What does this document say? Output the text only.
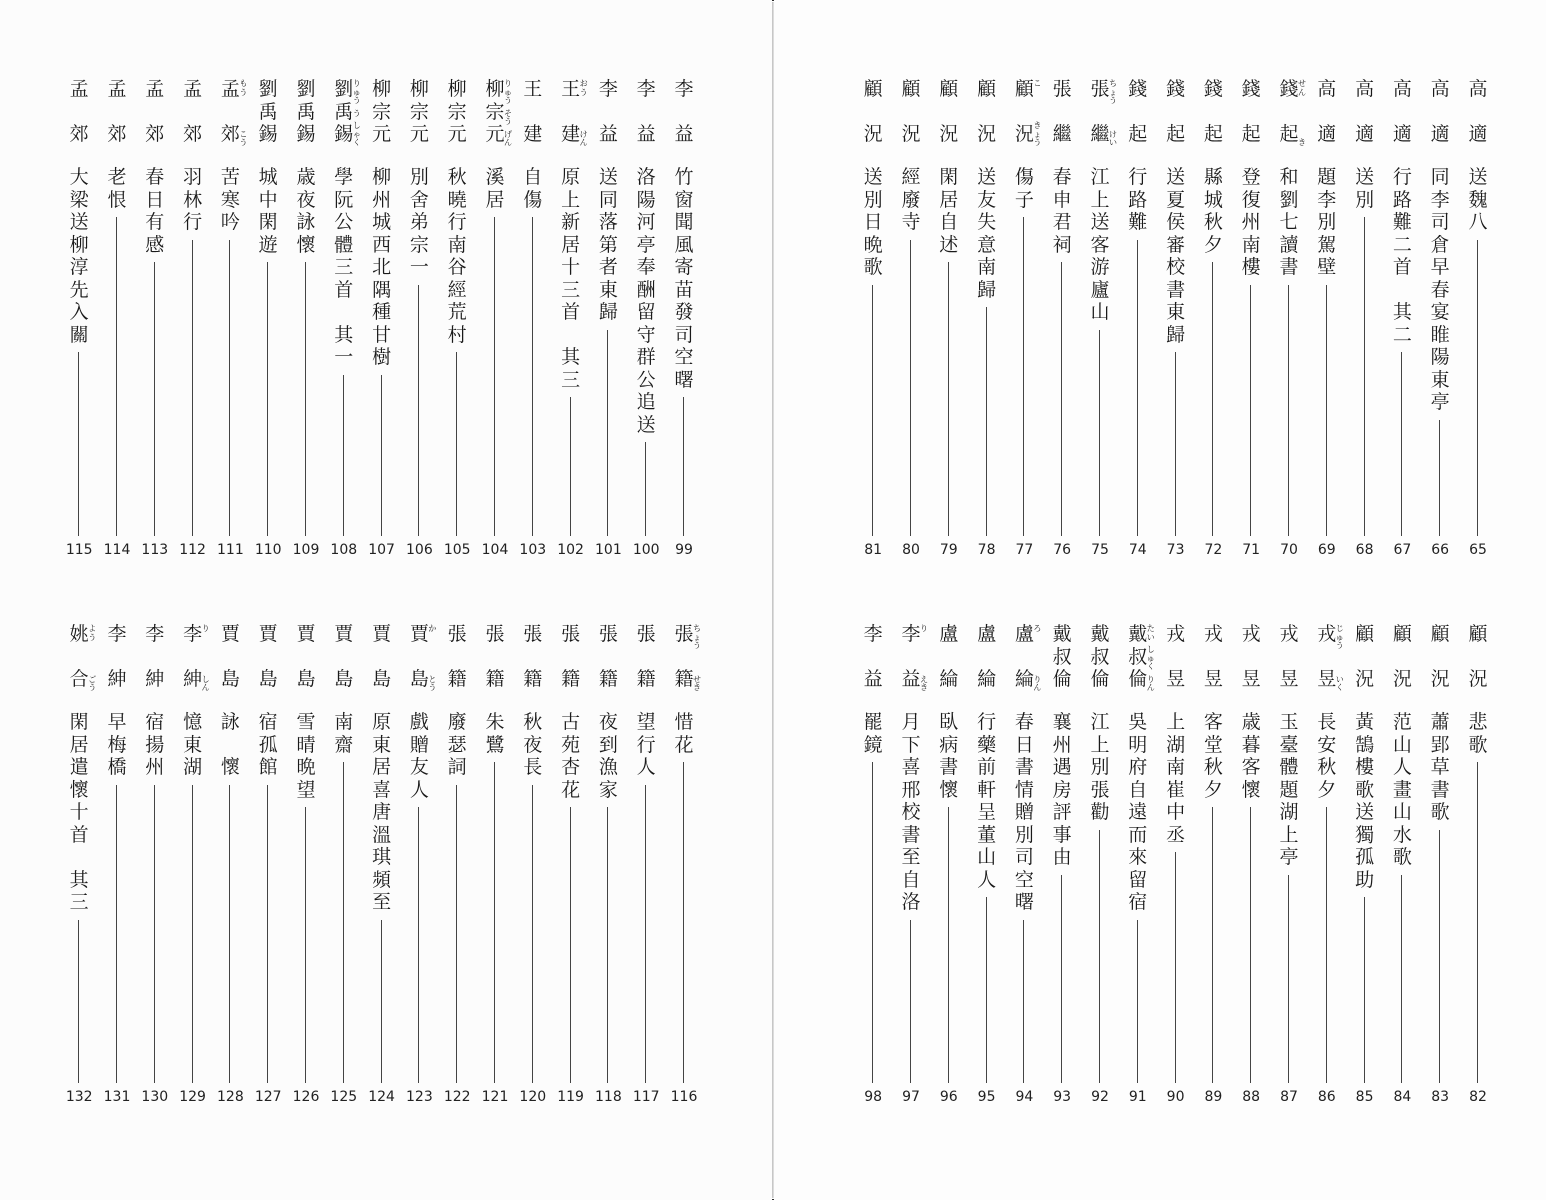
高
適
送
魏
八
65
高
適
同
李
司
倉
早
春
宴
睢
陽
東
亭
66
高
適
行
路
難
二
首
其
二
67
高
適
送
別
68
高
適
題
李
別
駕
壁
69
錢
起
和
劉
七
讀
書
せ
ん
き
70
錢
起
登
復
州
南
樓
71
錢
起
縣
城
秋
夕
72
錢
起
送
夏
侯
審
校
書
東
歸
73
錢
起
行
路
難
74
張
繼
江
上
送
客
游
廬
山
ち
ょ
う
け
い
75
張
繼
春
申
君
祠
76
顧
況
傷
子
こ
き
ょ
う
77
顧
況
送
友
失
意
南
歸
78
顧
況
閑
居
自
述
79
顧
況
經
廢
寺
80
顧
況
送
別
日
晩
歌
81
顧
況
悲
歌
82
顧
況
蕭
郢
草
書
歌
83
顧
況
范
山
人
畫
山
水
歌
84
顧
況
黃
鵠
樓
歌
送
獨
孤
助
85
戎
昱
長
安
秋
夕
じ
ゅ
う
い
く
86
戎
昱
玉
臺
體
題
湖
上
亭
87
戎
昱
歳
暮
客
懷
88
戎
昱
客
堂
秋
夕
89
戎
昱
上
湖
南
崔
中
丞
90
戴
叔
倫
吳
明
府
自
遠
而
來
留
宿
た
い
し
ゅ
く
り
ん
91
戴
叔
倫
江
上
別
張
勸
92
戴
叔
倫
襄
州
遇
房
評
事
由
93
盧
綸
春
日
書
情
贈
別
司
空
曙
ろ
り
ん
94
盧
綸
行
藥
前
軒
呈
董
山
人
95
盧
綸
臥
病
書
懷
96
李
益
月
下
喜
邢
校
書
至
自
洛
り
え
き
97
李
益
罷
鏡
98
李
益
竹
窗
聞
風
寄
苗
發
司
空
曙
99
李
益
洛
陽
河
亭
奉
酬
留
守
群
公
追
送
100
李
益
送
同
落
第
者
東
歸
101
王
建
原
上
新
居
十
三
首
其
三
お
う
け
ん
102
王
建
自
傷
103
柳
宗
元
溪
居
り
ゅ
う
そ
う
げ
ん
104
柳
宗
元
秋
曉
行
南
谷
經
荒
村
105
柳
宗
元
別
舍
弟
宗
一
106
柳
宗
元
柳
州
城
西
北
隅
種
甘
樹
107
劉
禹
錫
學
阮
公
體
三
首
其
一
り
ゅ
う
う
し
ゃ
く
108
劉
禹
錫
歳
夜
詠
懷
109
劉
禹
錫
城
中
閑
遊
110
孟
郊
苦
寒
吟
も
う
こ
う
111
孟
郊
羽
林
行
112
孟
郊
春
日
有
感
113
孟
郊
老
恨
114
孟
郊
大
梁
送
柳
淳
先
入
關
115
張
籍
惜
花
ち
ょ
う
せ
き
116
張
籍
望
行
人
117
張
籍
夜
到
漁
家
118
張
籍
古
苑
杏
花
119
張
籍
秋
夜
長
120
張
籍
朱
鷺
121
張
籍
廢
瑟
詞
122
賈
島
戲
贈
友
人
か
と
う
123
賈
島
原
東
居
喜
唐
溫
琪
頻
至
124
賈
島
南
齋
125
賈
島
雪
晴
晩
望
126
賈
島
宿
孤
館
127
賈
島
詠
懷
128
李
紳
憶
東
湖
り
し
ん
129
李
紳
宿
揚
州
130
李
紳
早
梅
橋
131
姚
合
閑
居
遣
懷
十
首
其
三
よ
う
ご
う
132
